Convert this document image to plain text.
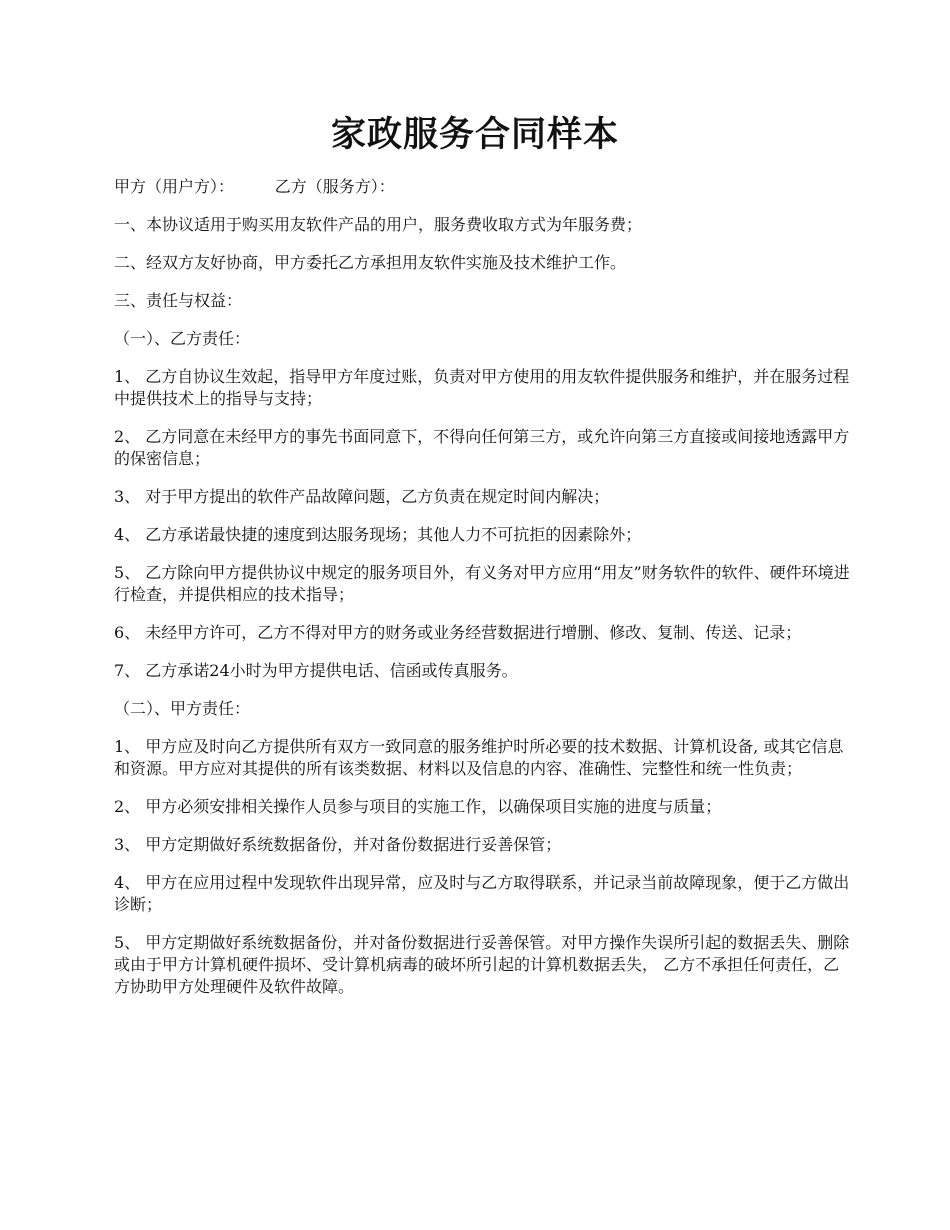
家政服务合同样本

甲方（用户方）：	乙方（服务方）：

一、本协议适用于购买用友软件产品的用户，服务费收取方式为年服务费；

二、经双方友好协商，甲方委托乙方承担用友软件实施及技术维护工作。

三、责任与权益：

（一）、乙方责任：

1、 乙方自协议生效起，指导甲方年度过账，负责对甲方使用的用友软件提供服务和维护，并在服务过程中提供技术上的指导与支持；

2、 乙方同意在未经甲方的事先书面同意下，不得向任何第三方，或允许向第三方直接或间接地透露甲方的保密信息；

3、 对于甲方提出的软件产品故障问题，乙方负责在规定时间内解决；

4、 乙方承诺最快捷的速度到达服务现场；其他人力不可抗拒的因素除外；

5、 乙方除向甲方提供协议中规定的服务项目外，有义务对甲方应用“用友”财务软件的软件、硬件环境进行检查，并提供相应的技术指导；

6、 未经甲方许可，乙方不得对甲方的财务或业务经营数据进行增删、修改、复制、传送、记录；

7、 乙方承诺24小时为甲方提供电话、信函或传真服务。

（二）、甲方责任：

1、 甲方应及时向乙方提供所有双方一致同意的服务维护时所必要的技术数据、计算机设备, 或其它信息和资源。甲方应对其提供的所有该类数据、材料以及信息的内容、准确性、完整性和统一性负责；

2、 甲方必须安排相关操作人员参与项目的实施工作，以确保项目实施的进度与质量；

3、 甲方定期做好系统数据备份，并对备份数据进行妥善保管；

4、 甲方在应用过程中发现软件出现异常，应及时与乙方取得联系，并记录当前故障现象，便于乙方做出诊断；

5、 甲方定期做好系统数据备份，并对备份数据进行妥善保管。对甲方操作失误所引起的数据丢失、删除或由于甲方计算机硬件损坏、受计算机病毒的破坏所引起的计算机数据丢失， 乙方不承担任何责任，乙方协助甲方处理硬件及软件故障。
